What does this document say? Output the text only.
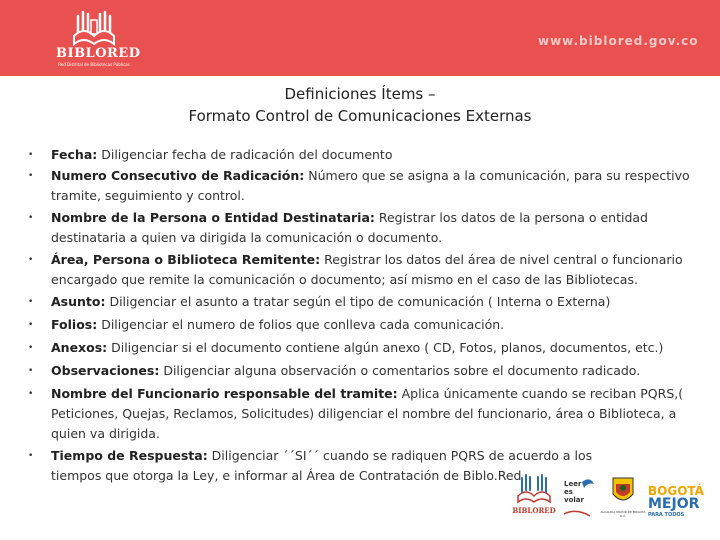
BIBLORED
Red Distrital de Bibliotecas Públicas
www.biblored.gov.co
Definiciones Ítems –
Formato Control de Comunicaciones Externas
• Fecha: Diligenciar fecha de radicación del documento
• Numero Consecutivo de Radicación: Número que se asigna a la comunicación, para su respectivo tramite, seguimiento y control.
• Nombre de la Persona o Entidad Destinataria: Registrar los datos de la persona o entidad destinataria a quien va dirigida la comunicación o documento.
• Área, Persona o Biblioteca Remitente: Registrar los datos del área de nivel central o funcionario encargado que remite la comunicación o documento; así mismo en el caso de las Bibliotecas.
• Asunto: Diligenciar el asunto a tratar según el tipo de comunicación ( Interna o Externa)
• Folios: Diligenciar el numero de folios que conlleva cada comunicación.
• Anexos: Diligenciar si el documento contiene algún anexo ( CD, Fotos, planos, documentos, etc.)
• Observaciones: Diligenciar alguna observación o comentarios sobre el documento radicado.
• Nombre del Funcionario responsable del tramite: Aplica únicamente cuando se reciban PQRS,( Peticiones, Quejas, Reclamos, Solicitudes) diligenciar el nombre del funcionario, área o Biblioteca, a quien va dirigida.
• Tiempo de Respuesta: Diligenciar ´´SI´´ cuando se radiquen PQRS de acuerdo a los tiempos que otorga la Ley, e informar al Área de Contratación de Biblo.Red
BIBLORED
Leer
es
volar
ALCALDÍA MAYOR DE BOGOTÁ D.C.
BOGOTÁ
MEJOR
PARA TODOS
